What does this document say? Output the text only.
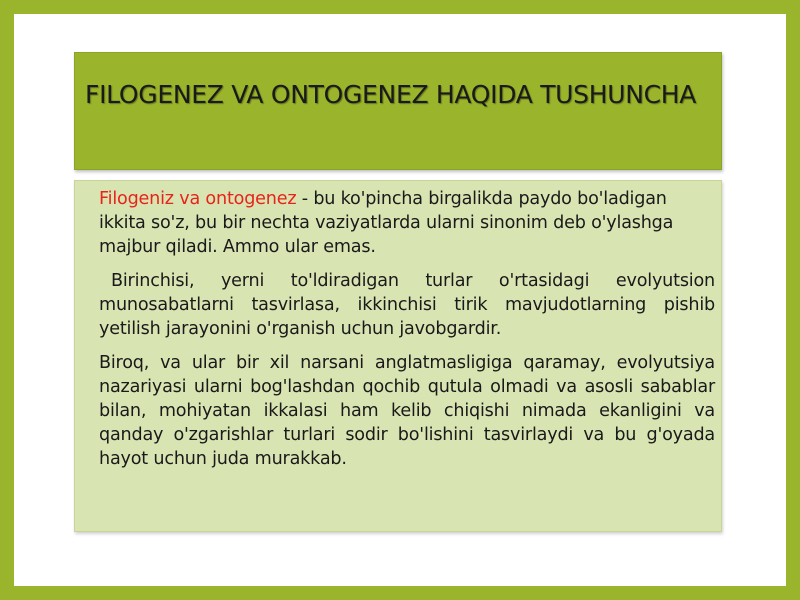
FILOGENEZ VA ONTOGENEZ HAQIDA TUSHUNCHA

Filogeniz va ontogenez - bu ko'pincha birgalikda paydo bo'ladigan ikkita so'z, bu bir nechta vaziyatlarda ularni sinonim deb o'ylashga majbur qiladi. Ammo ular emas.

Birinchisi, yerni to'ldiradigan turlar o'rtasidagi evolyutsion munosabatlarni tasvirlasa, ikkinchisi tirik mavjudotlarning pishib yetilish jarayonini o'rganish uchun javobgardir.

Biroq, va ular bir xil narsani anglatmasligiga qaramay, evolyutsiya nazariyasi ularni bog'lashdan qochib qutula olmadi va asosli sabablar bilan, mohiyatan ikkalasi ham kelib chiqishi nimada ekanligini va qanday o'zgarishlar turlari sodir bo'lishini tasvirlaydi va bu g'oyada hayot uchun juda murakkab.
